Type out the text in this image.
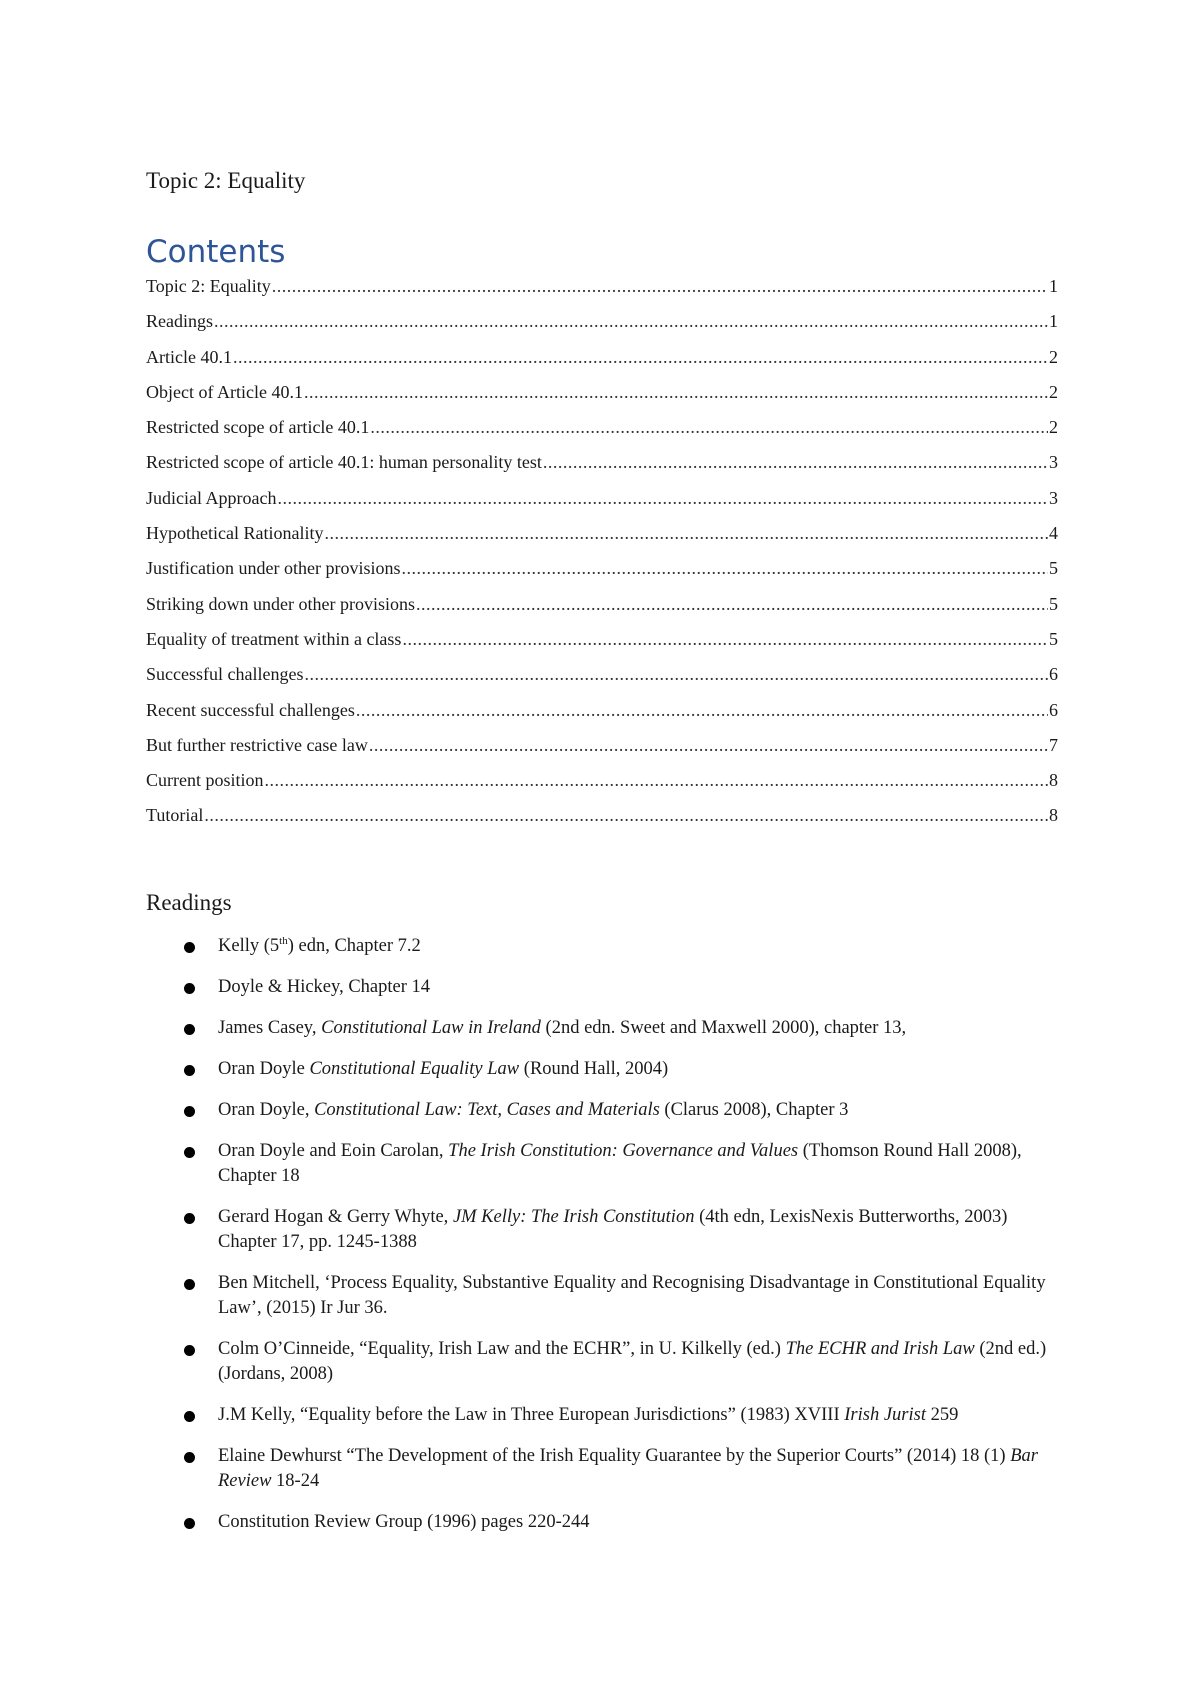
Topic 2: Equality
Contents
Topic 2: Equality .....	1
Readings .....	1
Article 40.1 .....	2
Object of Article 40.1 .....	2
Restricted scope of article 40.1 .....	2
Restricted scope of article 40.1: human personality test .....	3
Judicial Approach .....	3
Hypothetical Rationality .....	4
Justification under other provisions .....	5
Striking down under other provisions .....	5
Equality of treatment within a class .....	5
Successful challenges .....	6
Recent successful challenges .....	6
But further restrictive case law .....	7
Current position .....	8
Tutorial .....	8
Readings
Kelly (5th) edn, Chapter 7.2
Doyle & Hickey, Chapter 14
James Casey, Constitutional Law in Ireland (2nd edn. Sweet and Maxwell 2000), chapter 13,
Oran Doyle Constitutional Equality Law (Round Hall, 2004)
Oran Doyle, Constitutional Law: Text, Cases and Materials (Clarus 2008), Chapter 3
Oran Doyle and Eoin Carolan, The Irish Constitution: Governance and Values (Thomson Round Hall 2008), Chapter 18
Gerard Hogan & Gerry Whyte, JM Kelly: The Irish Constitution (4th edn, LexisNexis Butterworths, 2003) Chapter 17, pp. 1245-1388
Ben Mitchell, ‘Process Equality, Substantive Equality and Recognising Disadvantage in Constitutional Equality Law’, (2015) Ir Jur 36.
Colm O’Cinneide, “Equality, Irish Law and the ECHR”, in U. Kilkelly (ed.) The ECHR and Irish Law (2nd ed.) (Jordans, 2008)
J.M Kelly, “Equality before the Law in Three European Jurisdictions” (1983) XVIII Irish Jurist 259
Elaine Dewhurst “The Development of the Irish Equality Guarantee by the Superior Courts” (2014) 18 (1) Bar Review 18-24
Constitution Review Group (1996) pages 220-244
